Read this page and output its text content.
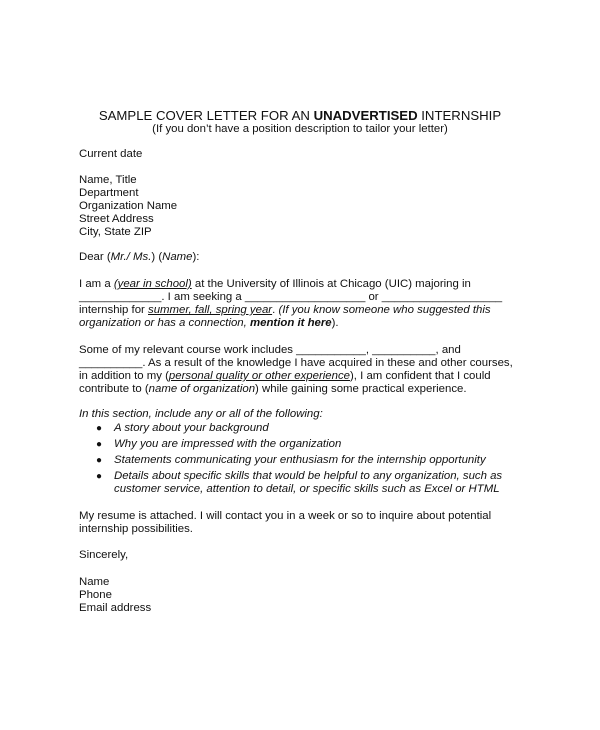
SAMPLE COVER LETTER FOR AN UNADVERTISED INTERNSHIP
(If you don’t have a position description to tailor your letter)
Current date
Name, Title
Department
Organization Name
Street Address
City, State ZIP
Dear (Mr./ Ms.) (Name):
I am a (year in school) at the University of Illinois at Chicago (UIC) majoring in
_____________. I am seeking a ___________________ or ___________________
internship for summer, fall, spring year. (If you know someone who suggested this
organization or has a connection, mention it here).
Some of my relevant course work includes ___________, __________, and
__________. As a result of the knowledge I have acquired in these and other courses,
in addition to my (personal quality or other experience), I am confident that I could
contribute to (name of organization) while gaining some practical experience.
In this section, include any or all of the following:
● A story about your background
● Why you are impressed with the organization
● Statements communicating your enthusiasm for the internship opportunity
● Details about specific skills that would be helpful to any organization, such as
customer service, attention to detail, or specific skills such as Excel or HTML
My resume is attached. I will contact you in a week or so to inquire about potential
internship possibilities.
Sincerely,
Name
Phone
Email address
